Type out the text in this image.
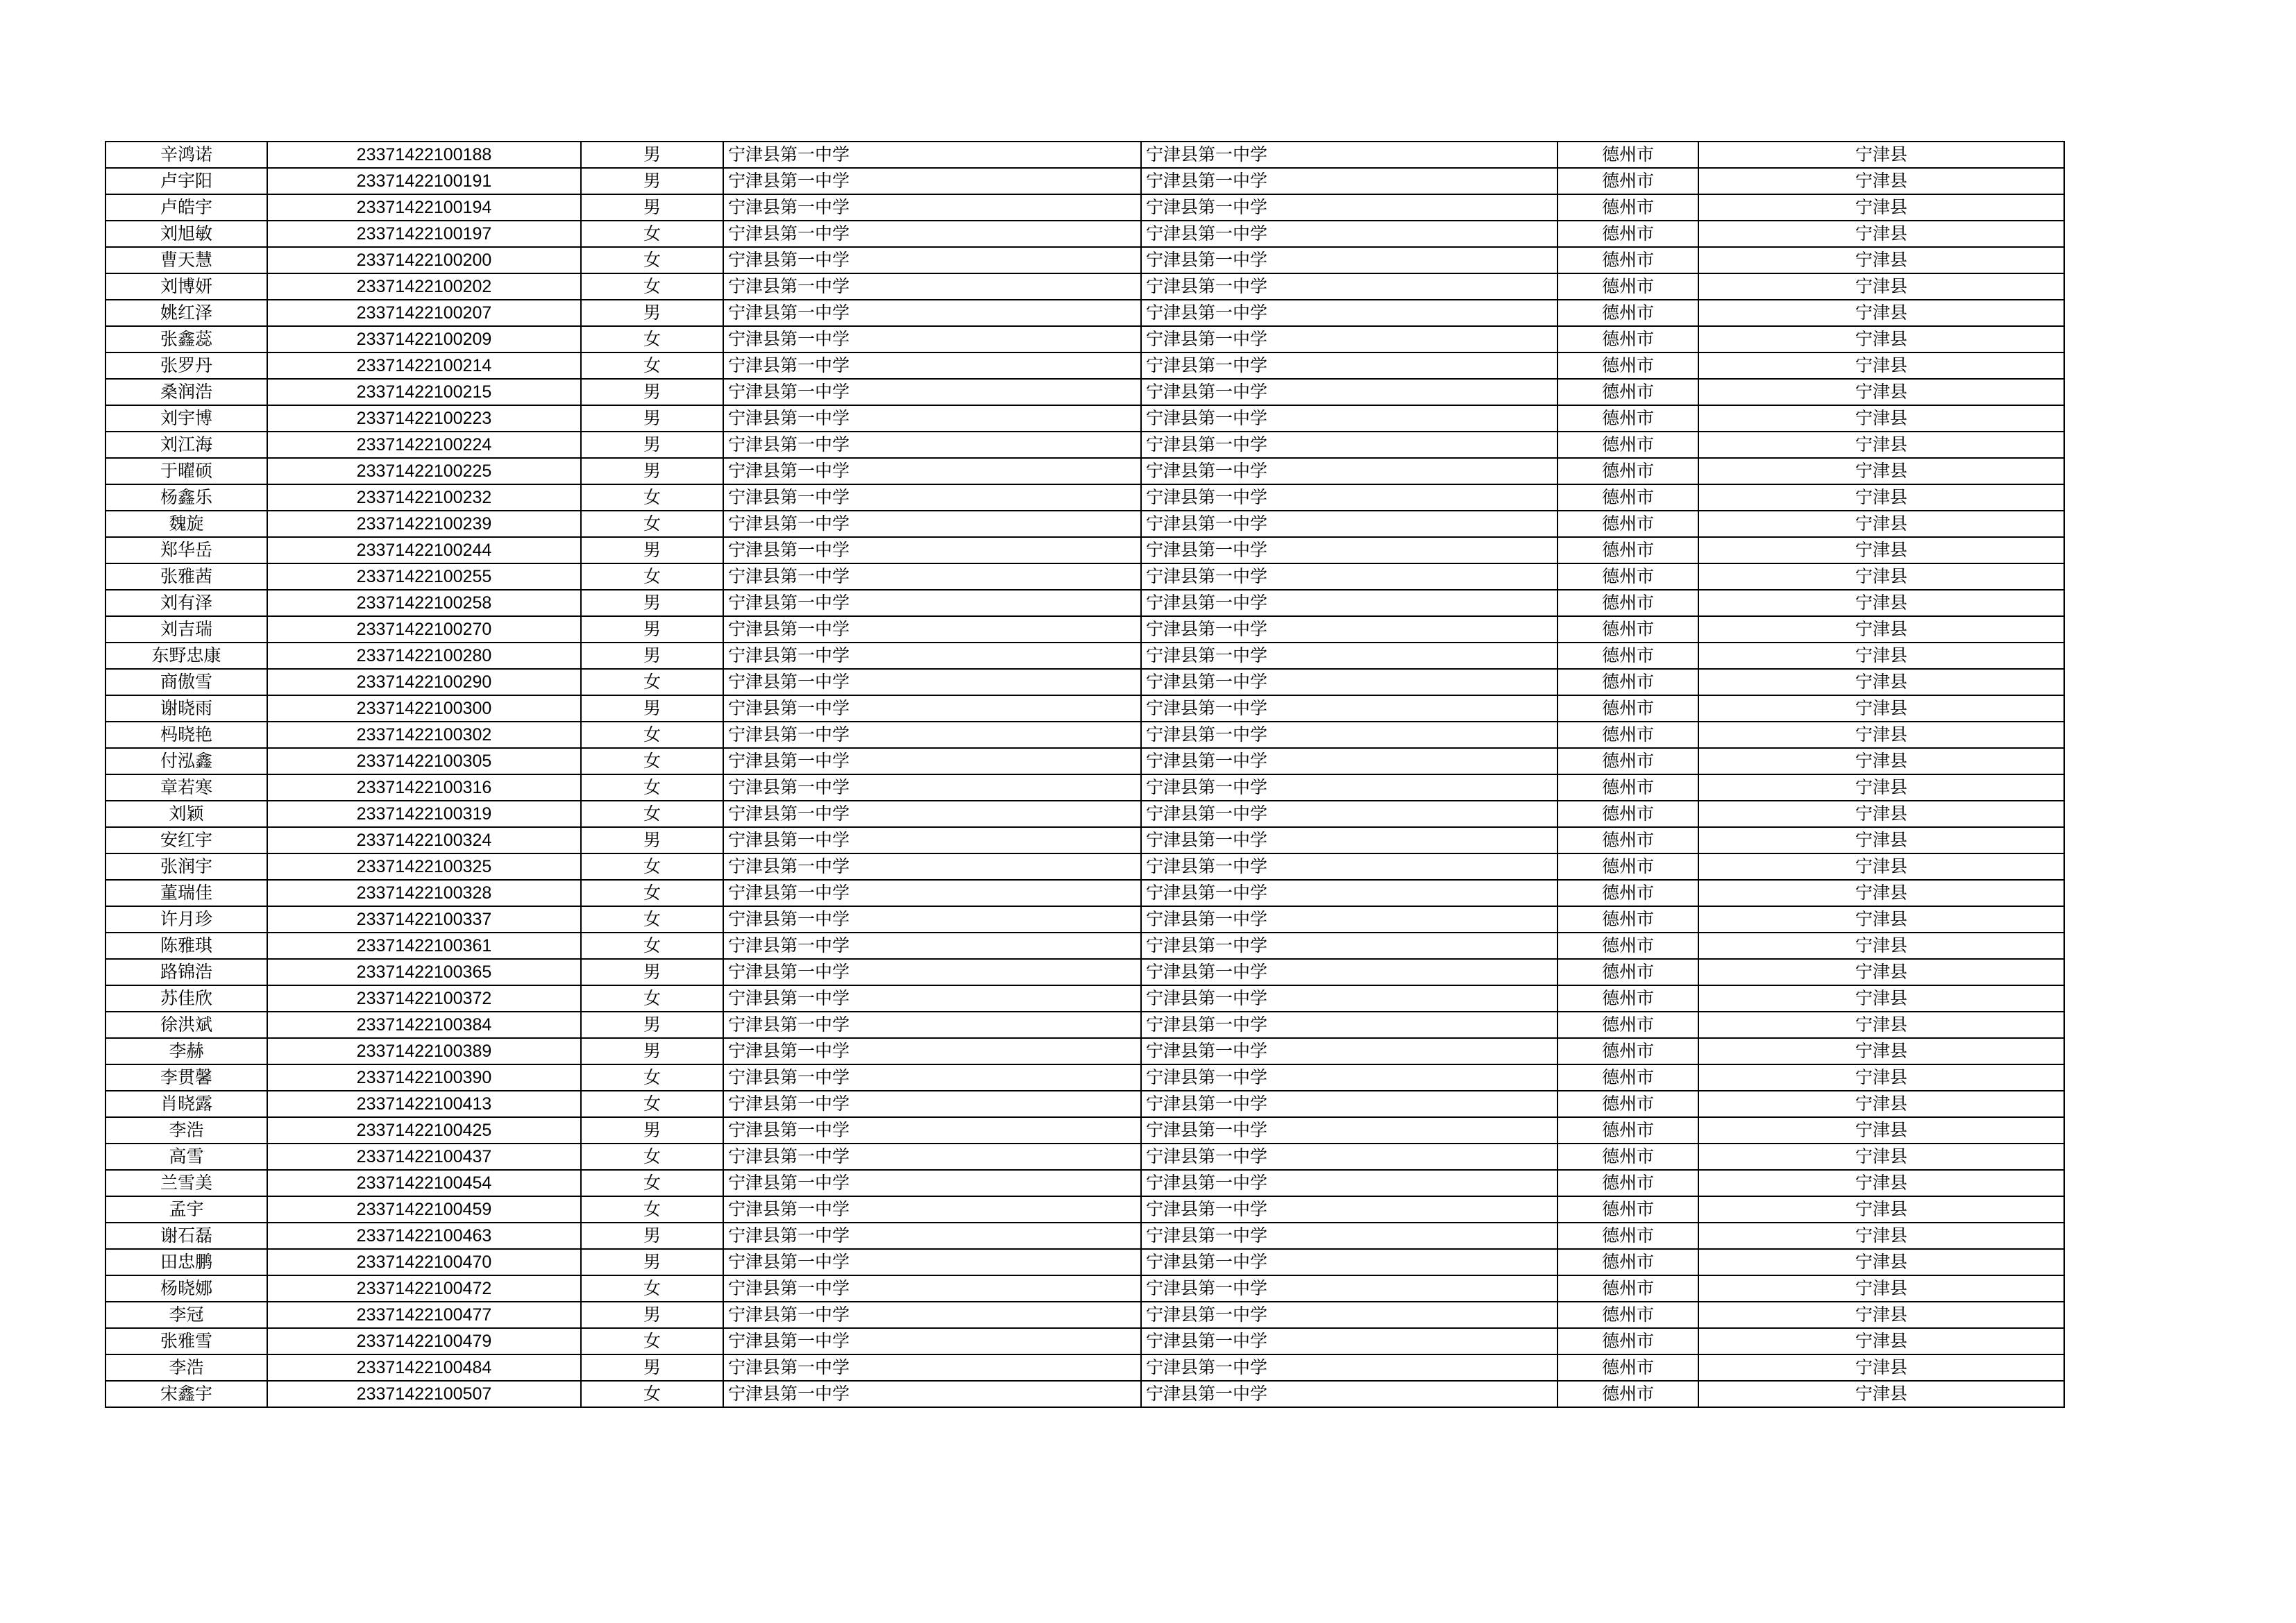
辛鸿诺	23371422100188	男	宁津县第一中学	宁津县第一中学	德州市	宁津县
卢宇阳	23371422100191	男	宁津县第一中学	宁津县第一中学	德州市	宁津县
卢皓宇	23371422100194	男	宁津县第一中学	宁津县第一中学	德州市	宁津县
刘旭敏	23371422100197	女	宁津县第一中学	宁津县第一中学	德州市	宁津县
曹天慧	23371422100200	女	宁津县第一中学	宁津县第一中学	德州市	宁津县
刘博妍	23371422100202	女	宁津县第一中学	宁津县第一中学	德州市	宁津县
姚红泽	23371422100207	男	宁津县第一中学	宁津县第一中学	德州市	宁津县
张鑫蕊	23371422100209	女	宁津县第一中学	宁津县第一中学	德州市	宁津县
张罗丹	23371422100214	女	宁津县第一中学	宁津县第一中学	德州市	宁津县
桑润浩	23371422100215	男	宁津县第一中学	宁津县第一中学	德州市	宁津县
刘宇博	23371422100223	男	宁津县第一中学	宁津县第一中学	德州市	宁津县
刘江海	23371422100224	男	宁津县第一中学	宁津县第一中学	德州市	宁津县
于曜硕	23371422100225	男	宁津县第一中学	宁津县第一中学	德州市	宁津县
杨鑫乐	23371422100232	女	宁津县第一中学	宁津县第一中学	德州市	宁津县
魏旋	23371422100239	女	宁津县第一中学	宁津县第一中学	德州市	宁津县
郑华岳	23371422100244	男	宁津县第一中学	宁津县第一中学	德州市	宁津县
张雅茜	23371422100255	女	宁津县第一中学	宁津县第一中学	德州市	宁津县
刘有泽	23371422100258	男	宁津县第一中学	宁津县第一中学	德州市	宁津县
刘吉瑞	23371422100270	男	宁津县第一中学	宁津县第一中学	德州市	宁津县
东野忠康	23371422100280	男	宁津县第一中学	宁津县第一中学	德州市	宁津县
商傲雪	23371422100290	女	宁津县第一中学	宁津县第一中学	德州市	宁津县
谢晓雨	23371422100300	男	宁津县第一中学	宁津县第一中学	德州市	宁津县
杩晓艳	23371422100302	女	宁津县第一中学	宁津县第一中学	德州市	宁津县
付泓鑫	23371422100305	女	宁津县第一中学	宁津县第一中学	德州市	宁津县
章若寒	23371422100316	女	宁津县第一中学	宁津县第一中学	德州市	宁津县
刘颖	23371422100319	女	宁津县第一中学	宁津县第一中学	德州市	宁津县
安红宇	23371422100324	男	宁津县第一中学	宁津县第一中学	德州市	宁津县
张润宇	23371422100325	女	宁津县第一中学	宁津县第一中学	德州市	宁津县
董瑞佳	23371422100328	女	宁津县第一中学	宁津县第一中学	德州市	宁津县
许月珍	23371422100337	女	宁津县第一中学	宁津县第一中学	德州市	宁津县
陈雅琪	23371422100361	女	宁津县第一中学	宁津县第一中学	德州市	宁津县
路锦浩	23371422100365	男	宁津县第一中学	宁津县第一中学	德州市	宁津县
苏佳欣	23371422100372	女	宁津县第一中学	宁津县第一中学	德州市	宁津县
徐洪斌	23371422100384	男	宁津县第一中学	宁津县第一中学	德州市	宁津县
李赫	23371422100389	男	宁津县第一中学	宁津县第一中学	德州市	宁津县
李贯馨	23371422100390	女	宁津县第一中学	宁津县第一中学	德州市	宁津县
肖晓露	23371422100413	女	宁津县第一中学	宁津县第一中学	德州市	宁津县
李浩	23371422100425	男	宁津县第一中学	宁津县第一中学	德州市	宁津县
高雪	23371422100437	女	宁津县第一中学	宁津县第一中学	德州市	宁津县
兰雪美	23371422100454	女	宁津县第一中学	宁津县第一中学	德州市	宁津县
孟宇	23371422100459	女	宁津县第一中学	宁津县第一中学	德州市	宁津县
谢石磊	23371422100463	男	宁津县第一中学	宁津县第一中学	德州市	宁津县
田忠鹏	23371422100470	男	宁津县第一中学	宁津县第一中学	德州市	宁津县
杨晓娜	23371422100472	女	宁津县第一中学	宁津县第一中学	德州市	宁津县
李冠	23371422100477	男	宁津县第一中学	宁津县第一中学	德州市	宁津县
张雅雪	23371422100479	女	宁津县第一中学	宁津县第一中学	德州市	宁津县
李浩	23371422100484	男	宁津县第一中学	宁津县第一中学	德州市	宁津县
宋鑫宇	23371422100507	女	宁津县第一中学	宁津县第一中学	德州市	宁津县
